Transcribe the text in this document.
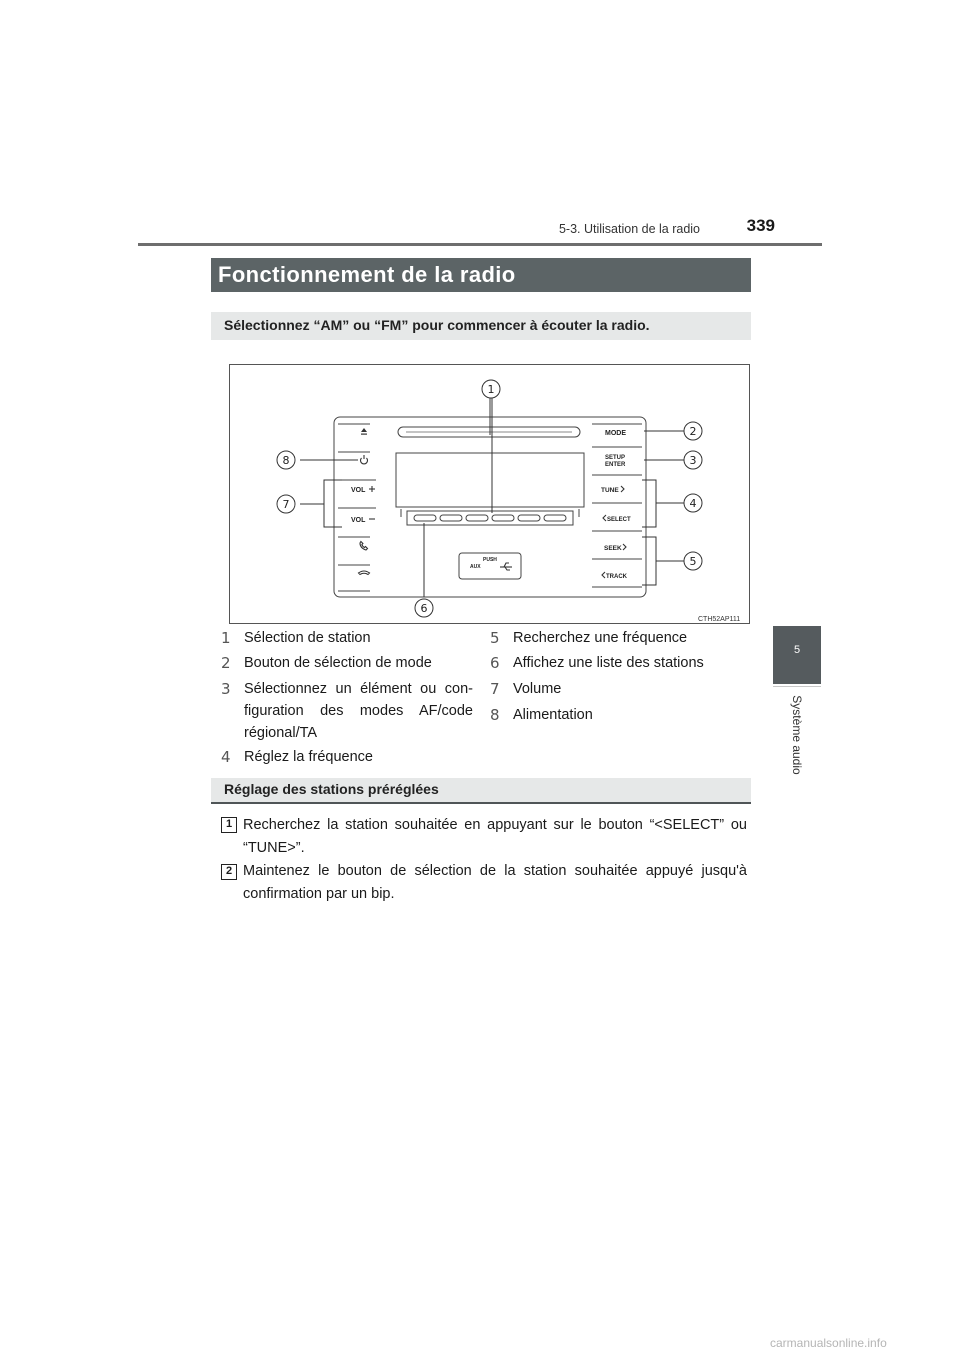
5-3. Utilisation de la radio	339
5
Système audio
Fonctionnement de la radio
Sélectionnez “AM” ou “FM” pour commencer à écouter la radio.
VOL
VOL
MODE
SETUP
ENTER
TUNE
SELECT
SEEK
TRACK
PUSH
AUX
1
2
3
4
5
6
7
8
CTH52AP111
1 Sélection de station
2 Bouton de sélection de mode
3 Sélectionnez un élément ou con-figuration des modes AF/code régional/TA
4 Réglez la fréquence
5 Recherchez une fréquence
6 Affichez une liste des stations
7 Volume
8 Alimentation
Réglage des stations préréglées
1 Recherchez la station souhaitée en appuyant sur le bouton “<SELECT” ou “TUNE>”.
2 Maintenez le bouton de sélection de la station souhaitée appuyé jusqu'à confirmation par un bip.
carmanualsonline.info
